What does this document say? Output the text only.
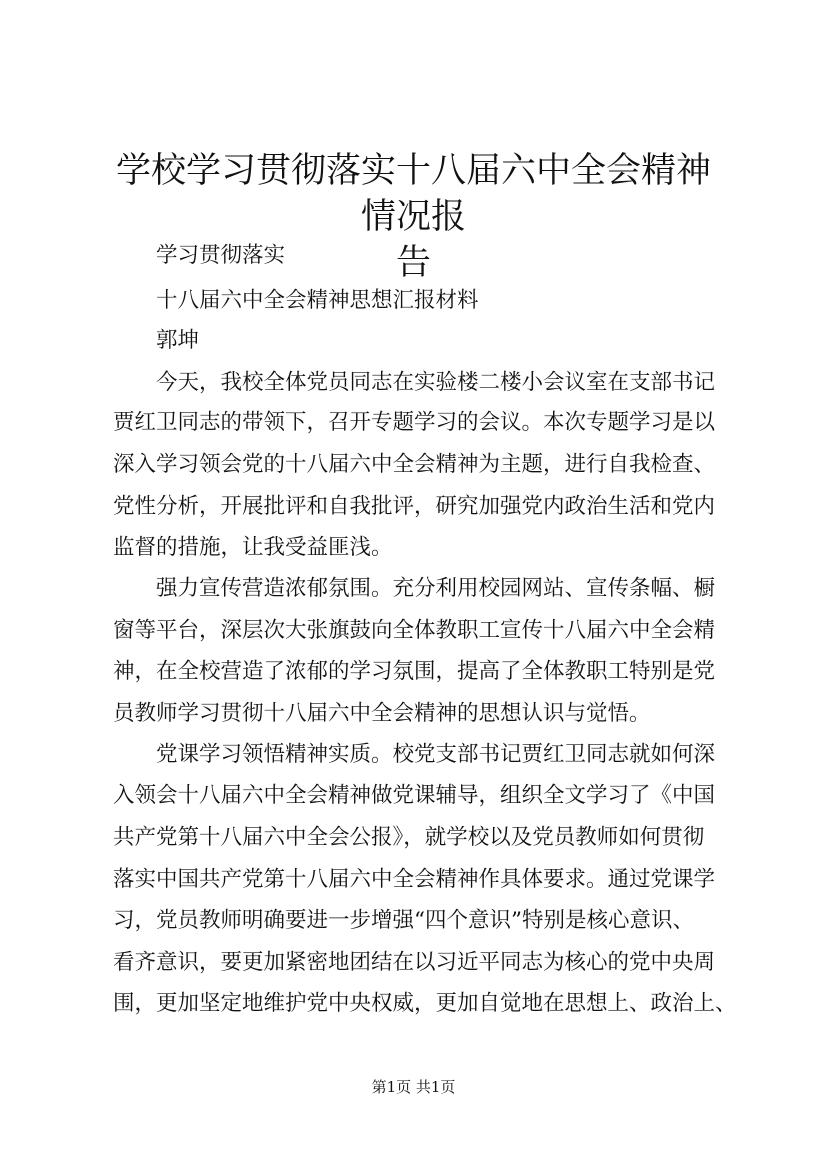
学校学习贯彻落实十八届六中全会精神情况报
告
学习贯彻落实
十八届六中全会精神思想汇报材料
郭坤
今天，我校全体党员同志在实验楼二楼小会议室在支部书记
贾红卫同志的带领下，召开专题学习的会议。本次专题学习是以
深入学习领会党的十八届六中全会精神为主题，进行自我检查、
党性分析，开展批评和自我批评，研究加强党内政治生活和党内
监督的措施，让我受益匪浅。
强力宣传营造浓郁氛围。充分利用校园网站、宣传条幅、橱
窗等平台，深层次大张旗鼓向全体教职工宣传十八届六中全会精
神，在全校营造了浓郁的学习氛围，提高了全体教职工特别是党
员教师学习贯彻十八届六中全会精神的思想认识与觉悟。
党课学习领悟精神实质。校党支部书记贾红卫同志就如何深
入领会十八届六中全会精神做党课辅导，组织全文学习了《中国
共产党第十八届六中全会公报》，就学校以及党员教师如何贯彻
落实中国共产党第十八届六中全会精神作具体要求。通过党课学
习，党员教师明确要进一步增强“四个意识”特别是核心意识、
看齐意识，要更加紧密地团结在以习近平同志为核心的党中央周
围，更加坚定地维护党中央权威，更加自觉地在思想上、政治上、
第1页 共1页
